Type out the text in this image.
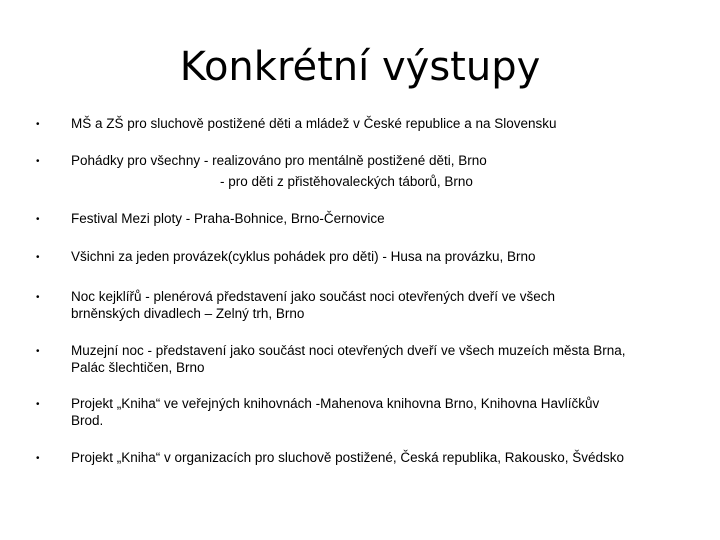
Konkrétní výstupy
• MŠ a ZŠ pro sluchově postižené děti a mládež v České republice a na Slovensku
• Pohádky pro všechny - realizováno pro mentálně postižené děti, Brno
- pro děti z přistěhovaleckých táborů, Brno
• Festival Mezi ploty - Praha-Bohnice, Brno-Černovice
• Všichni za jeden provázek(cyklus pohádek pro děti) - Husa na provázku, Brno
• Noc kejklířů - plenérová představení jako součást noci otevřených dveří ve všech
brněnských divadlech – Zelný trh, Brno
• Muzejní noc - představení jako součást noci otevřených dveří ve všech muzeích města Brna,
Palác šlechtičen, Brno
• Projekt „Kniha“ ve veřejných knihovnách -Mahenova knihovna Brno, Knihovna Havlíčkův
Brod.
• Projekt „Kniha“ v organizacích pro sluchově postižené, Česká republika, Rakousko, Švédsko
